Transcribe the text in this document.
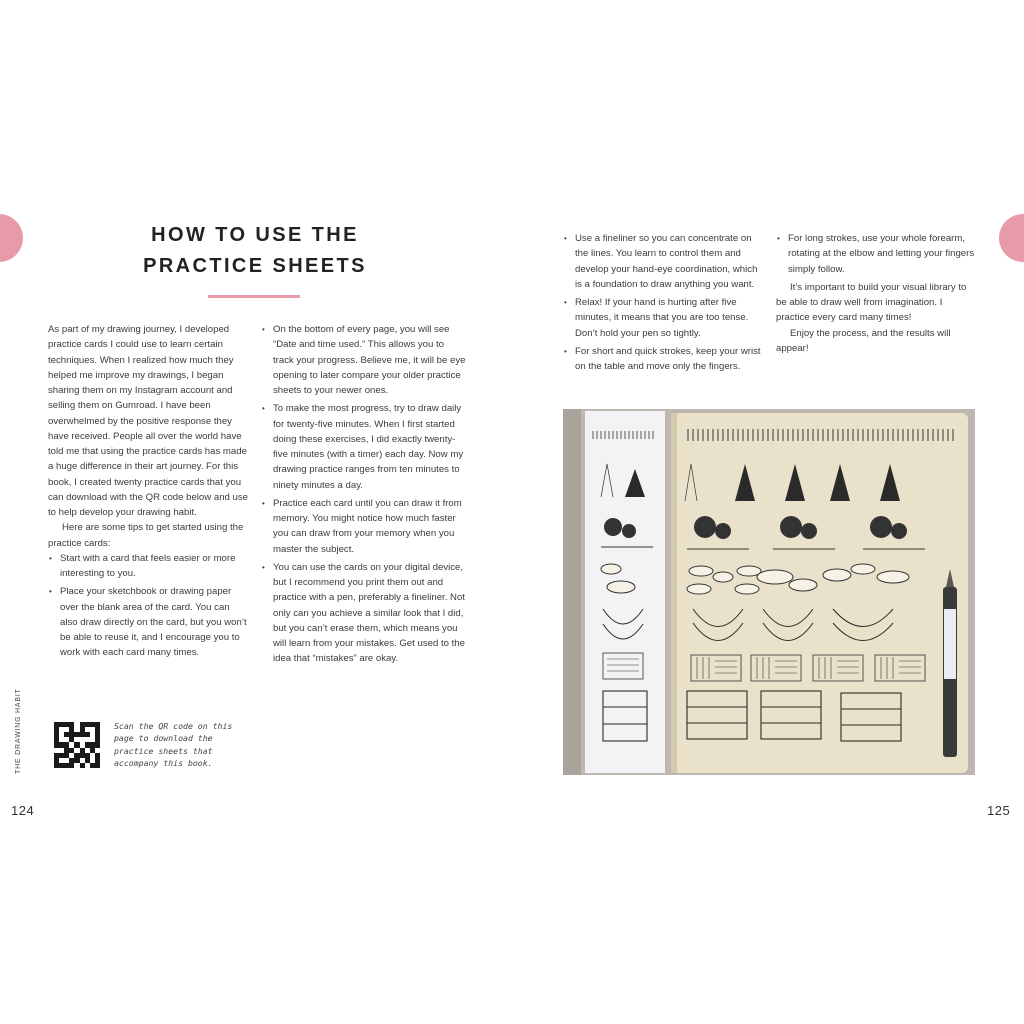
HOW TO USE THE
PRACTICE SHEETS

As part of my drawing journey, I developed practice cards I could use to learn certain techniques. When I realized how much they helped me improve my drawings, I began sharing them on my Instagram account and selling them on Gumroad. I have been overwhelmed by the positive response they have received. People all over the world have told me that using the practice cards has made a huge difference in their art journey. For this book, I created twenty practice cards that you can download with the QR code below and use to help develop your drawing habit.

Here are some tips to get started using the practice cards:

• Start with a card that feels easier or more interesting to you.
• Place your sketchbook or drawing paper over the blank area of the card. You can also draw directly on the card, but you won’t be able to reuse it, and I encourage you to work with each card many times.
• On the bottom of every page, you will see “Date and time used.” This allows you to track your progress. Believe me, it will be eye opening to later compare your older practice sheets to your newer ones.
• To make the most progress, try to draw daily for twenty-five minutes. When I first started doing these exercises, I did exactly twenty-five minutes (with a timer) each day. Now my drawing practice ranges from ten minutes to ninety minutes a day.
• Practice each card until you can draw it from memory. You might notice how much faster you can draw from your memory when you master the subject.
• You can use the cards on your digital device, but I recommend you print them out and practice with a pen, preferably a fineliner. Not only can you achieve a similar look that I did, but you can’t erase them, which means you will learn from your mistakes. Get used to the idea that “mistakes” are okay.
• Use a fineliner so you can concentrate on the lines. You learn to control them and develop your hand-eye coordination, which is a foundation to draw anything you want.
• Relax! If your hand is hurting after five minutes, it means that you are too tense. Don’t hold your pen so tightly.
• For short and quick strokes, keep your wrist on the table and move only the fingers.
• For long strokes, use your whole forearm, rotating at the elbow and letting your fingers simply follow.

It’s important to build your visual library to be able to draw well from imagination. I practice every card many times!

Enjoy the process, and the results will appear!

Scan the QR code on this page to download the practice sheets that accompany this book.
THE DRAWING HABIT
124	125
